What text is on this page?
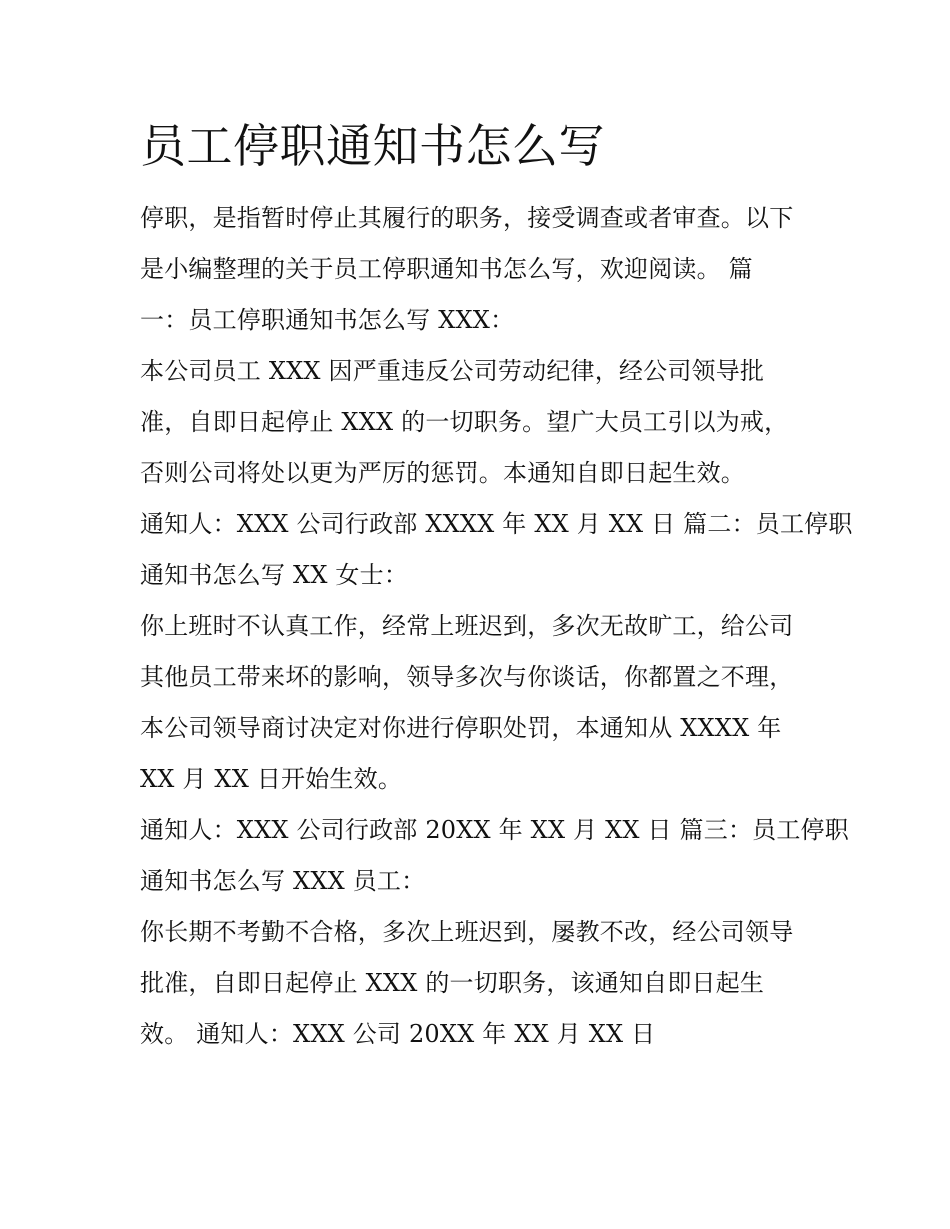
员工停职通知书怎么写
停职，是指暂时停止其履行的职务，接受调查或者审查。以下
是小编整理的关于员工停职通知书怎么写，欢迎阅读。 篇
一：员工停职通知书怎么写 XXX：
本公司员工 XXX 因严重违反公司劳动纪律，经公司领导批
准，自即日起停止 XXX 的一切职务。望广大员工引以为戒，
否则公司将处以更为严厉的惩罚。本通知自即日起生效。
通知人：XXX 公司行政部 XXXX 年 XX 月 XX 日 篇二：员工停职
通知书怎么写 XX 女士：
你上班时不认真工作，经常上班迟到，多次无故旷工，给公司
其他员工带来坏的影响，领导多次与你谈话，你都置之不理，
本公司领导商讨决定对你进行停职处罚，本通知从 XXXX 年
XX 月 XX 日开始生效。
通知人：XXX 公司行政部 20XX 年 XX 月 XX 日 篇三：员工停职
通知书怎么写 XXX 员工：
你长期不考勤不合格，多次上班迟到，屡教不改，经公司领导
批准，自即日起停止 XXX 的一切职务，该通知自即日起生
效。 通知人：XXX 公司 20XX 年 XX 月 XX 日
